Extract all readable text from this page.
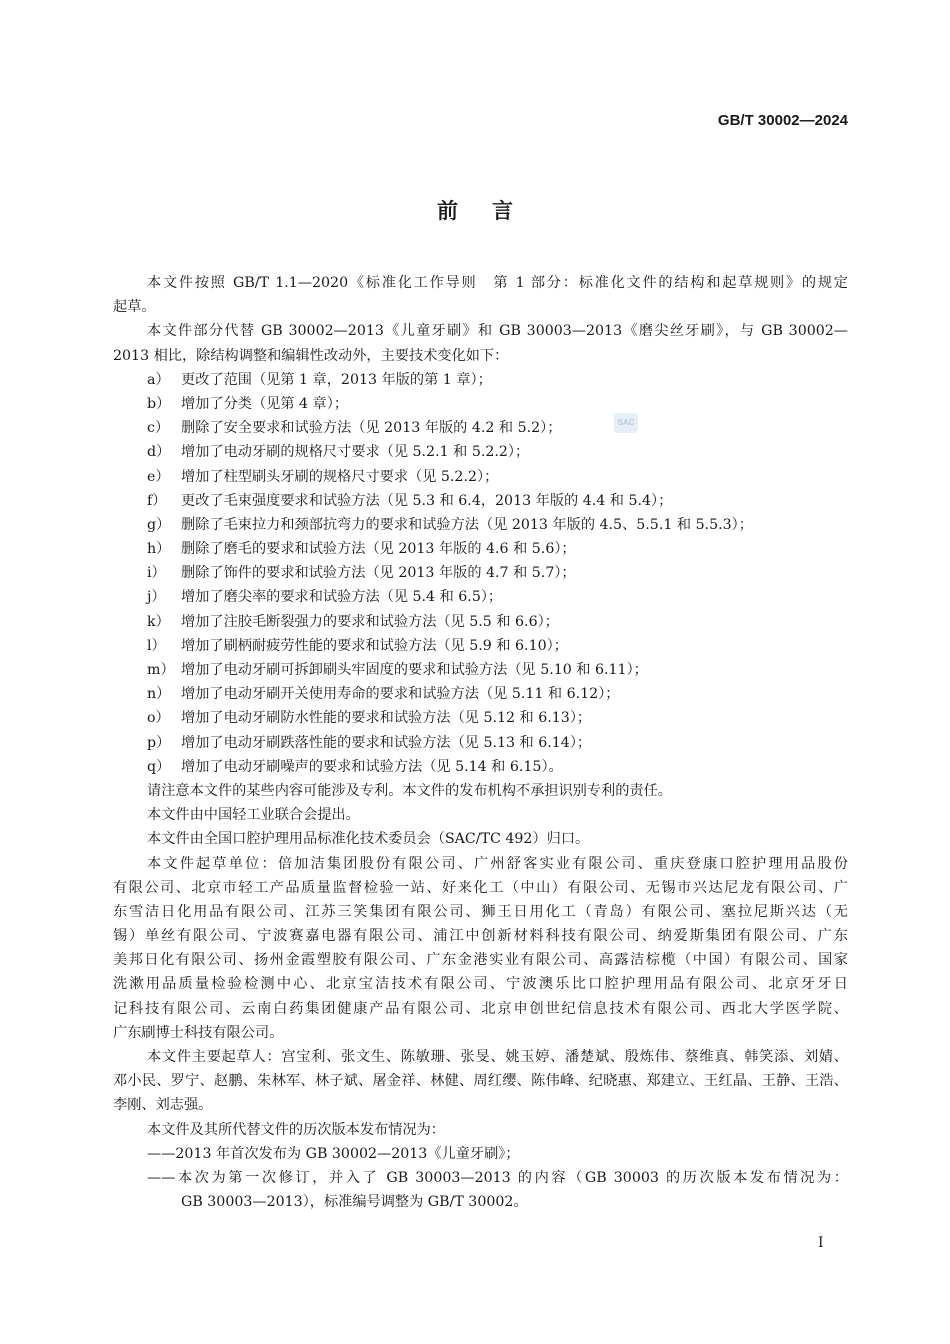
GB/T 30002—2024
前言
SAC
本文件按照 GB/T 1.1—2020《标准化工作导则　第 1 部分：标准化文件的结构和起草规则》的规定
起草。
本文件部分代替 GB 30002—2013《儿童牙刷》和 GB 30003—2013《磨尖丝牙刷》，与 GB 30002—
2013 相比，除结构调整和编辑性改动外，主要技术变化如下：
a） 更改了范围（见第 1 章，2013 年版的第 1 章）；
b） 增加了分类（见第 4 章）；
c） 删除了安全要求和试验方法（见 2013 年版的 4.2 和 5.2）；
d） 增加了电动牙刷的规格尺寸要求（见 5.2.1 和 5.2.2）；
e） 增加了柱型刷头牙刷的规格尺寸要求（见 5.2.2）；
f） 更改了毛束强度要求和试验方法（见 5.3 和 6.4，2013 年版的 4.4 和 5.4）；
g） 删除了毛束拉力和颈部抗弯力的要求和试验方法（见 2013 年版的 4.5、5.5.1 和 5.5.3）；
h） 删除了磨毛的要求和试验方法（见 2013 年版的 4.6 和 5.6）；
i） 删除了饰件的要求和试验方法（见 2013 年版的 4.7 和 5.7）；
j） 增加了磨尖率的要求和试验方法（见 5.4 和 6.5）；
k） 增加了注胶毛断裂强力的要求和试验方法（见 5.5 和 6.6）；
l） 增加了刷柄耐疲劳性能的要求和试验方法（见 5.9 和 6.10）；
m） 增加了电动牙刷可拆卸刷头牢固度的要求和试验方法（见 5.10 和 6.11）；
n） 增加了电动牙刷开关使用寿命的要求和试验方法（见 5.11 和 6.12）；
o） 增加了电动牙刷防水性能的要求和试验方法（见 5.12 和 6.13）；
p） 增加了电动牙刷跌落性能的要求和试验方法（见 5.13 和 6.14）；
q） 增加了电动牙刷噪声的要求和试验方法（见 5.14 和 6.15）。
请注意本文件的某些内容可能涉及专利。本文件的发布机构不承担识别专利的责任。
本文件由中国轻工业联合会提出。
本文件由全国口腔护理用品标准化技术委员会（SAC/TC 492）归口。
本文件起草单位：倍加洁集团股份有限公司、广州舒客实业有限公司、重庆登康口腔护理用品股份
有限公司、北京市轻工产品质量监督检验一站、好来化工（中山）有限公司、无锡市兴达尼龙有限公司、广
东雪洁日化用品有限公司、江苏三笑集团有限公司、狮王日用化工（青岛）有限公司、塞拉尼斯兴达（无
锡）单丝有限公司、宁波赛嘉电器有限公司、浦江中创新材料科技有限公司、纳爱斯集团有限公司、广东
美邦日化有限公司、扬州金霞塑胶有限公司、广东金港实业有限公司、高露洁棕榄（中国）有限公司、国家
洗漱用品质量检验检测中心、北京宝洁技术有限公司、宁波澳乐比口腔护理用品有限公司、北京牙牙日
记科技有限公司、云南白药集团健康产品有限公司、北京申创世纪信息技术有限公司、西北大学医学院、
广东刷博士科技有限公司。
本文件主要起草人：宫宝利、张文生、陈敏珊、张旻、姚玉婷、潘楚斌、殷炼伟、蔡维真、韩笑添、刘婧、
邓小民、罗宁、赵鹏、朱林军、林子斌、屠金祥、林健、周红缨、陈伟峰、纪晓惠、郑建立、王红晶、王静、王浩、
李刚、刘志强。
本文件及其所代替文件的历次版本发布情况为：
——2013 年首次发布为 GB 30002—2013《儿童牙刷》；
——本次为第一次修订，并入了 GB 30003—2013 的内容（GB 30003 的历次版本发布情况为：
GB 30003—2013），标准编号调整为 GB/T 30002。
I
